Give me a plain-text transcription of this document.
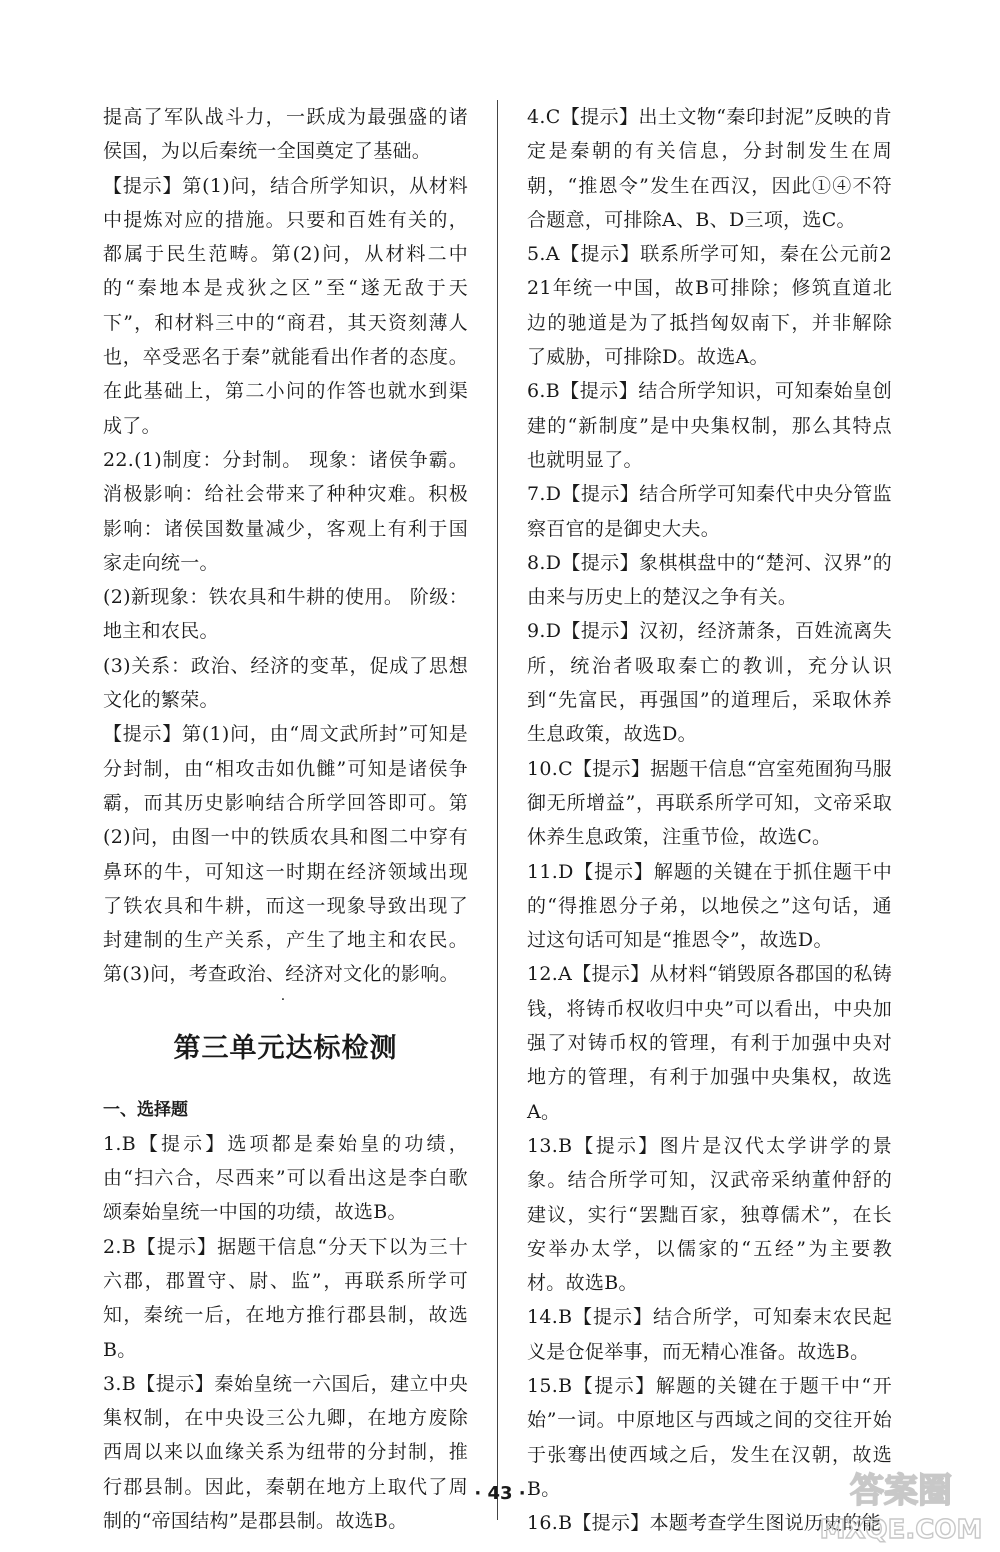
提高了军队战斗力，一跃成为最强盛的诸侯国，为以后秦统一全国奠定了基础。

【提示】第(1)问，结合所学知识，从材料中提炼对应的措施。只要和百姓有关的，都属于民生范畴。第(2)问，从材料二中的“秦地本是戎狄之区”至“遂无敌于天下”，和材料三中的“商君，其天资刻薄人也，卒受恶名于秦”就能看出作者的态度。在此基础上，第二小问的作答也就水到渠成了。

22.(1)制度：分封制。 现象：诸侯争霸。消极影响：给社会带来了种种灾难。积极影响：诸侯国数量减少，客观上有利于国家走向统一。

(2)新现象：铁农具和牛耕的使用。 阶级：地主和农民。

(3)关系：政治、经济的变革，促成了思想文化的繁荣。

【提示】第(1)问，由“周文武所封”可知是分封制，由“相攻击如仇雠”可知是诸侯争霸，而其历史影响结合所学回答即可。第(2)问，由图一中的铁质农具和图二中穿有鼻环的牛，可知这一时期在经济领域出现了铁农具和牛耕，而这一现象导致出现了封建制的生产关系，产生了地主和农民。第(3)问，考查政治、经济对文化的影响。

·
第三单元达标检测

一、选择题

1.B【提示】选项都是秦始皇的功绩，由“扫六合，尽西来”可以看出这是李白歌颂秦始皇统一中国的功绩，故选B。

2.B【提示】据题干信息“分天下以为三十六郡，郡置守、尉、监”，再联系所学可知，秦统一后，在地方推行郡县制，故选B。

3.B【提示】秦始皇统一六国后，建立中央集权制，在中央设三公九卿，在地方废除西周以来以血缘关系为纽带的分封制，推行郡县制。因此，秦朝在地方上取代了周制的“帝国结构”是郡县制。故选B。

4.C【提示】出土文物“秦印封泥”反映的肯定是秦朝的有关信息，分封制发生在周朝，“推恩令”发生在西汉，因此①④不符合题意，可排除A、B、D三项，选C。

5.A【提示】联系所学可知，秦在公元前221年统一中国，故B可排除；修筑直道北边的驰道是为了抵挡匈奴南下，并非解除了威胁，可排除D。故选A。

6.B【提示】结合所学知识，可知秦始皇创建的“新制度”是中央集权制，那么其特点也就明显了。

7.D【提示】结合所学可知秦代中央分管监察百官的是御史大夫。

8.D【提示】象棋棋盘中的“楚河、汉界”的由来与历史上的楚汉之争有关。

9.D【提示】汉初，经济萧条，百姓流离失所，统治者吸取秦亡的教训，充分认识到“先富民，再强国”的道理后，采取休养生息政策，故选D。

10.C【提示】据题干信息“宫室苑囿狗马服御无所增益”，再联系所学可知，文帝采取休养生息政策，注重节俭，故选C。

11.D【提示】解题的关键在于抓住题干中的“得推恩分子弟，以地侯之”这句话，通过这句话可知是“推恩令”，故选D。

12.A【提示】从材料“销毁原各郡国的私铸钱，将铸币权收归中央”可以看出，中央加强了对铸币权的管理，有利于加强中央对地方的管理，有利于加强中央集权，故选A。

13.B【提示】图片是汉代太学讲学的景象。结合所学可知，汉武帝采纳董仲舒的建议，实行“罢黜百家，独尊儒术”，在长安举办太学，以儒家的“五经”为主要教材。故选B。

14.B【提示】结合所学，可知秦末农民起义是仓促举事，而无精心准备。故选B。

15.B【提示】解题的关键在于题干中“开始”一词。中原地区与西域之间的交往开始于张骞出使西域之后，发生在汉朝，故选B。

16.B【提示】本题考查学生图说历史的能

· 43 ·	答案圈
MXQE.COM
